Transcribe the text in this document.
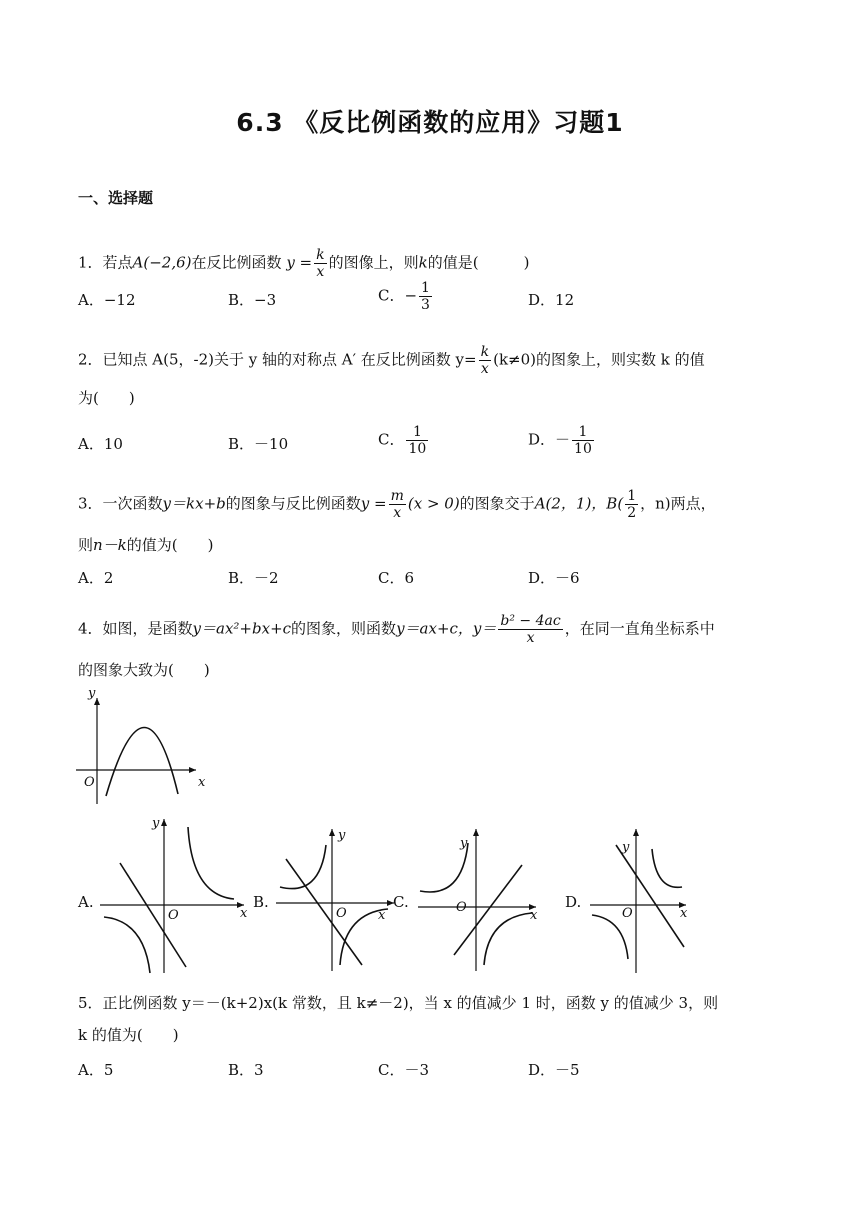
6.3 《反比例函数的应用》习题1
一、选择题
1．若点A(−2,6)在反比例函数 $y = \frac{k}{x}$ 的图像上，则k的值是(　　　)
A．−12	B．−3	C．− $\frac{1}{3}$	D．12
2．已知点 A(5，-2)关于 y 轴的对称点 A′ 在反比例函数 $y= \frac{k}{x} (k\ne 0)$的图象上，则实数 k 的值
为(　　)
A．10	B．－10	C． $\frac{1}{10}$	D．－ $\frac{1}{10}$
3．一次函数y＝kx+b的图象与反比例函数$y = \frac{m}{x} (x > 0)$的图象交于A(2，1)，$B( \frac{1}{2}$ ，n)两点，
则n－k的值为(　　)
A．2	B．－2	C．6	D．－6
4．如图，是函数y＝ax²+bx+c的图象，则函数y＝ax+c，$y= \frac{\text{b² − 4ac}}{x}$ ，在同一直角坐标系中
的图象大致为(　　)
y
x
O
A.
y
x
O
B.
y
x
O
C.
y
x
O	D.
y
x
O
5．正比例函数 y＝－(k+2)x(k 常数，且 k≠－2)，当 x 的值减少 1 时，函数 y 的值减少 3，则
k 的值为(　　)
A．5	B．3	C．－3	D．－5
